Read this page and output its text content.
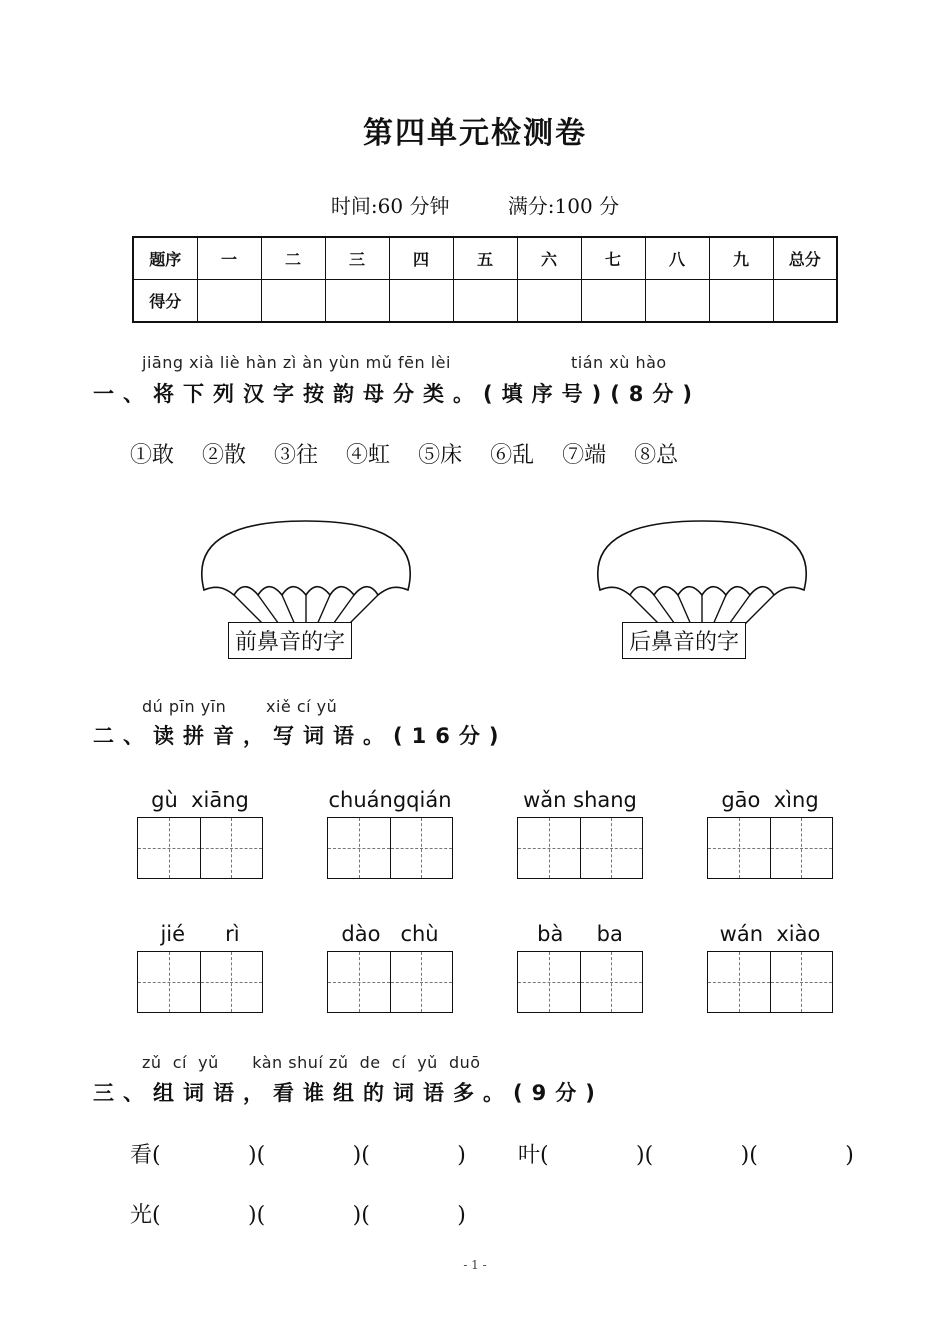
第四单元检测卷
时间:60 分钟	满分:100 分
题序	一	二	三	四	五	六	七	八	九	总分
得分										
jiāng xià liè hàn zì àn yùn mǔ fēn lèi	tián xù hào
一、将下列汉字按韵母分类。(填序号)(8分)
①敢 ②散 ③往 ④虹 ⑤床 ⑥乱 ⑦端 ⑧总
前鼻音的字	后鼻音的字
dú pīn yīn xiě cí yǔ
二、读拼音，写词语。(16分)
gù  xiāng	chuángqián	wǎn shang	gāo  xìng
jié      rì	dào   chù	bà     ba	wán  xiào
zǔ  cí  yǔ      kàn shuí zǔ  de  cí  yǔ  duō
三、组词语，看谁组的词语多。(9分)
看(	)(	)(	) 叶(	)(	)(	)
光(	)(	)(	)
- 1 -
